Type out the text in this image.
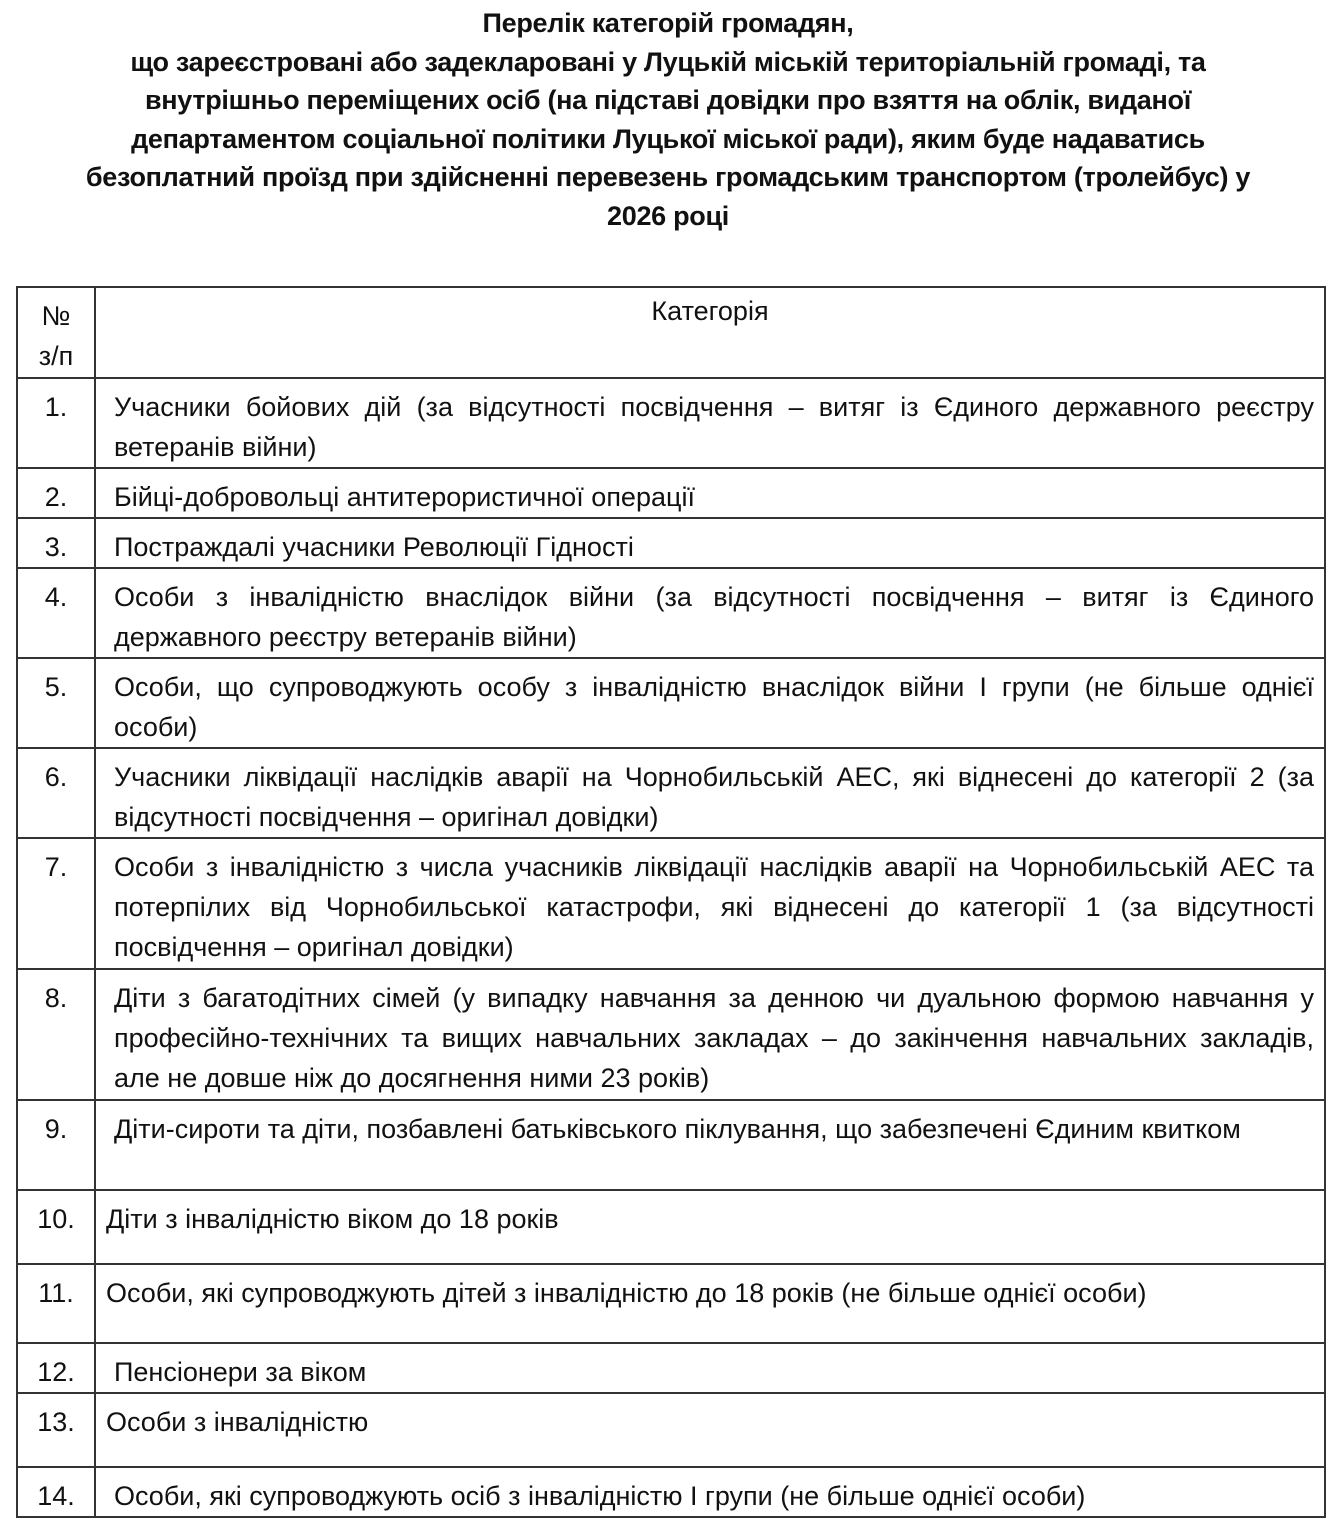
Перелік категорій громадян,
що зареєстровані або задекларовані у Луцькій міській територіальній громаді, та
внутрішньо переміщених осіб (на підставі довідки про взяття на облік, виданої
департаментом соціальної політики Луцької міської ради), яким буде надаватись
безоплатний проїзд при здійсненні перевезень громадським транспортом (тролейбус) у
2026 році
№
з/п	Категорія
1.	Учасники бойових дій (за відсутності посвідчення – витяг із Єдиного державного реєстру ветеранів війни)
2.	Бійці-добровольці антитерористичної операції
3.	Постраждалі учасники Революції Гідності
4.	Особи з інвалідністю внаслідок війни (за відсутності посвідчення – витяг із Єдиного державного реєстру ветеранів війни)
5.	Особи, що супроводжують особу з інвалідністю внаслідок війни І групи (не більше однієї особи)
6.	Учасники ліквідації наслідків аварії на Чорнобильській АЕС, які віднесені до категорії 2 (за відсутності посвідчення – оригінал довідки)
7.	Особи з інвалідністю з числа учасників ліквідації наслідків аварії на Чорнобильській АЕС та потерпілих від Чорнобильської катастрофи, які віднесені до категорії 1 (за відсутності посвідчення – оригінал довідки)
8.	Діти з багатодітних сімей (у випадку навчання за денною чи дуальною формою навчання у професійно-технічних та вищих навчальних закладах – до закінчення навчальних закладів, але не довше ніж до досягнення ними 23 років)
9.	Діти-сироти та діти, позбавлені батьківського піклування, що забезпечені Єдиним квитком
10.	Діти з інвалідністю віком до 18 років
11.	Особи, які супроводжують дітей з інвалідністю до 18 років (не більше однієї особи)
12.	Пенсіонери за віком
13.	Особи з інвалідністю
14.	Особи, які супроводжують осіб з інвалідністю І групи (не більше однієї особи)
